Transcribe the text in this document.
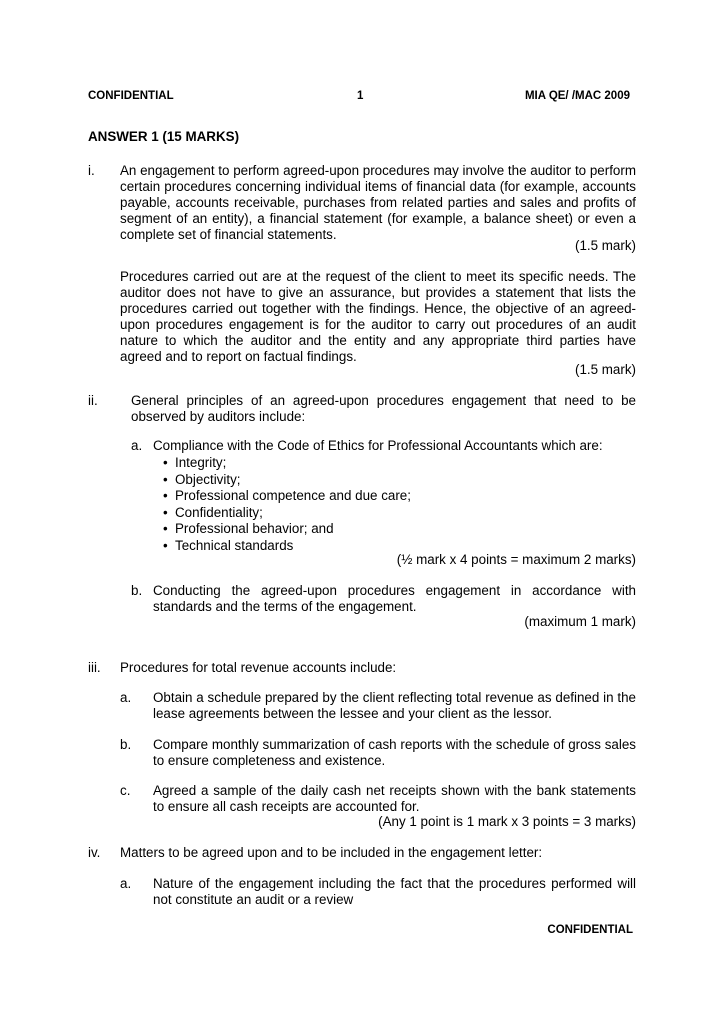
CONFIDENTIAL	1	MIA QE/ /MAC 2009
ANSWER 1 (15 MARKS)
i. An engagement to perform agreed-upon procedures may involve the auditor to perform certain procedures concerning individual items of financial data (for example, accounts payable, accounts receivable, purchases from related parties and sales and profits of segment of an entity), a financial statement (for example, a balance sheet) or even a complete set of financial statements.
(1.5 mark)
Procedures carried out are at the request of the client to meet its specific needs. The auditor does not have to give an assurance, but provides a statement that lists the procedures carried out together with the findings. Hence, the objective of an agreed-upon procedures engagement is for the auditor to carry out procedures of an audit nature to which the auditor and the entity and any appropriate third parties have agreed and to report on factual findings.
(1.5 mark)
ii. General principles of an agreed-upon procedures engagement that need to be observed by auditors include:
a. Compliance with the Code of Ethics for Professional Accountants which are:
• Integrity;
• Objectivity;
• Professional competence and due care;
• Confidentiality;
• Professional behavior; and
• Technical standards
(½ mark x 4 points = maximum 2 marks)
b. Conducting the agreed-upon procedures engagement in accordance with standards and the terms of the engagement.
(maximum 1 mark)
iii. Procedures for total revenue accounts include:
a. Obtain a schedule prepared by the client reflecting total revenue as defined in the lease agreements between the lessee and your client as the lessor.
b. Compare monthly summarization of cash reports with the schedule of gross sales to ensure completeness and existence.
c. Agreed a sample of the daily cash net receipts shown with the bank statements to ensure all cash receipts are accounted for.
(Any 1 point is 1 mark x 3 points = 3 marks)
iv. Matters to be agreed upon and to be included in the engagement letter:
a. Nature of the engagement including the fact that the procedures performed will not constitute an audit or a review
CONFIDENTIAL
